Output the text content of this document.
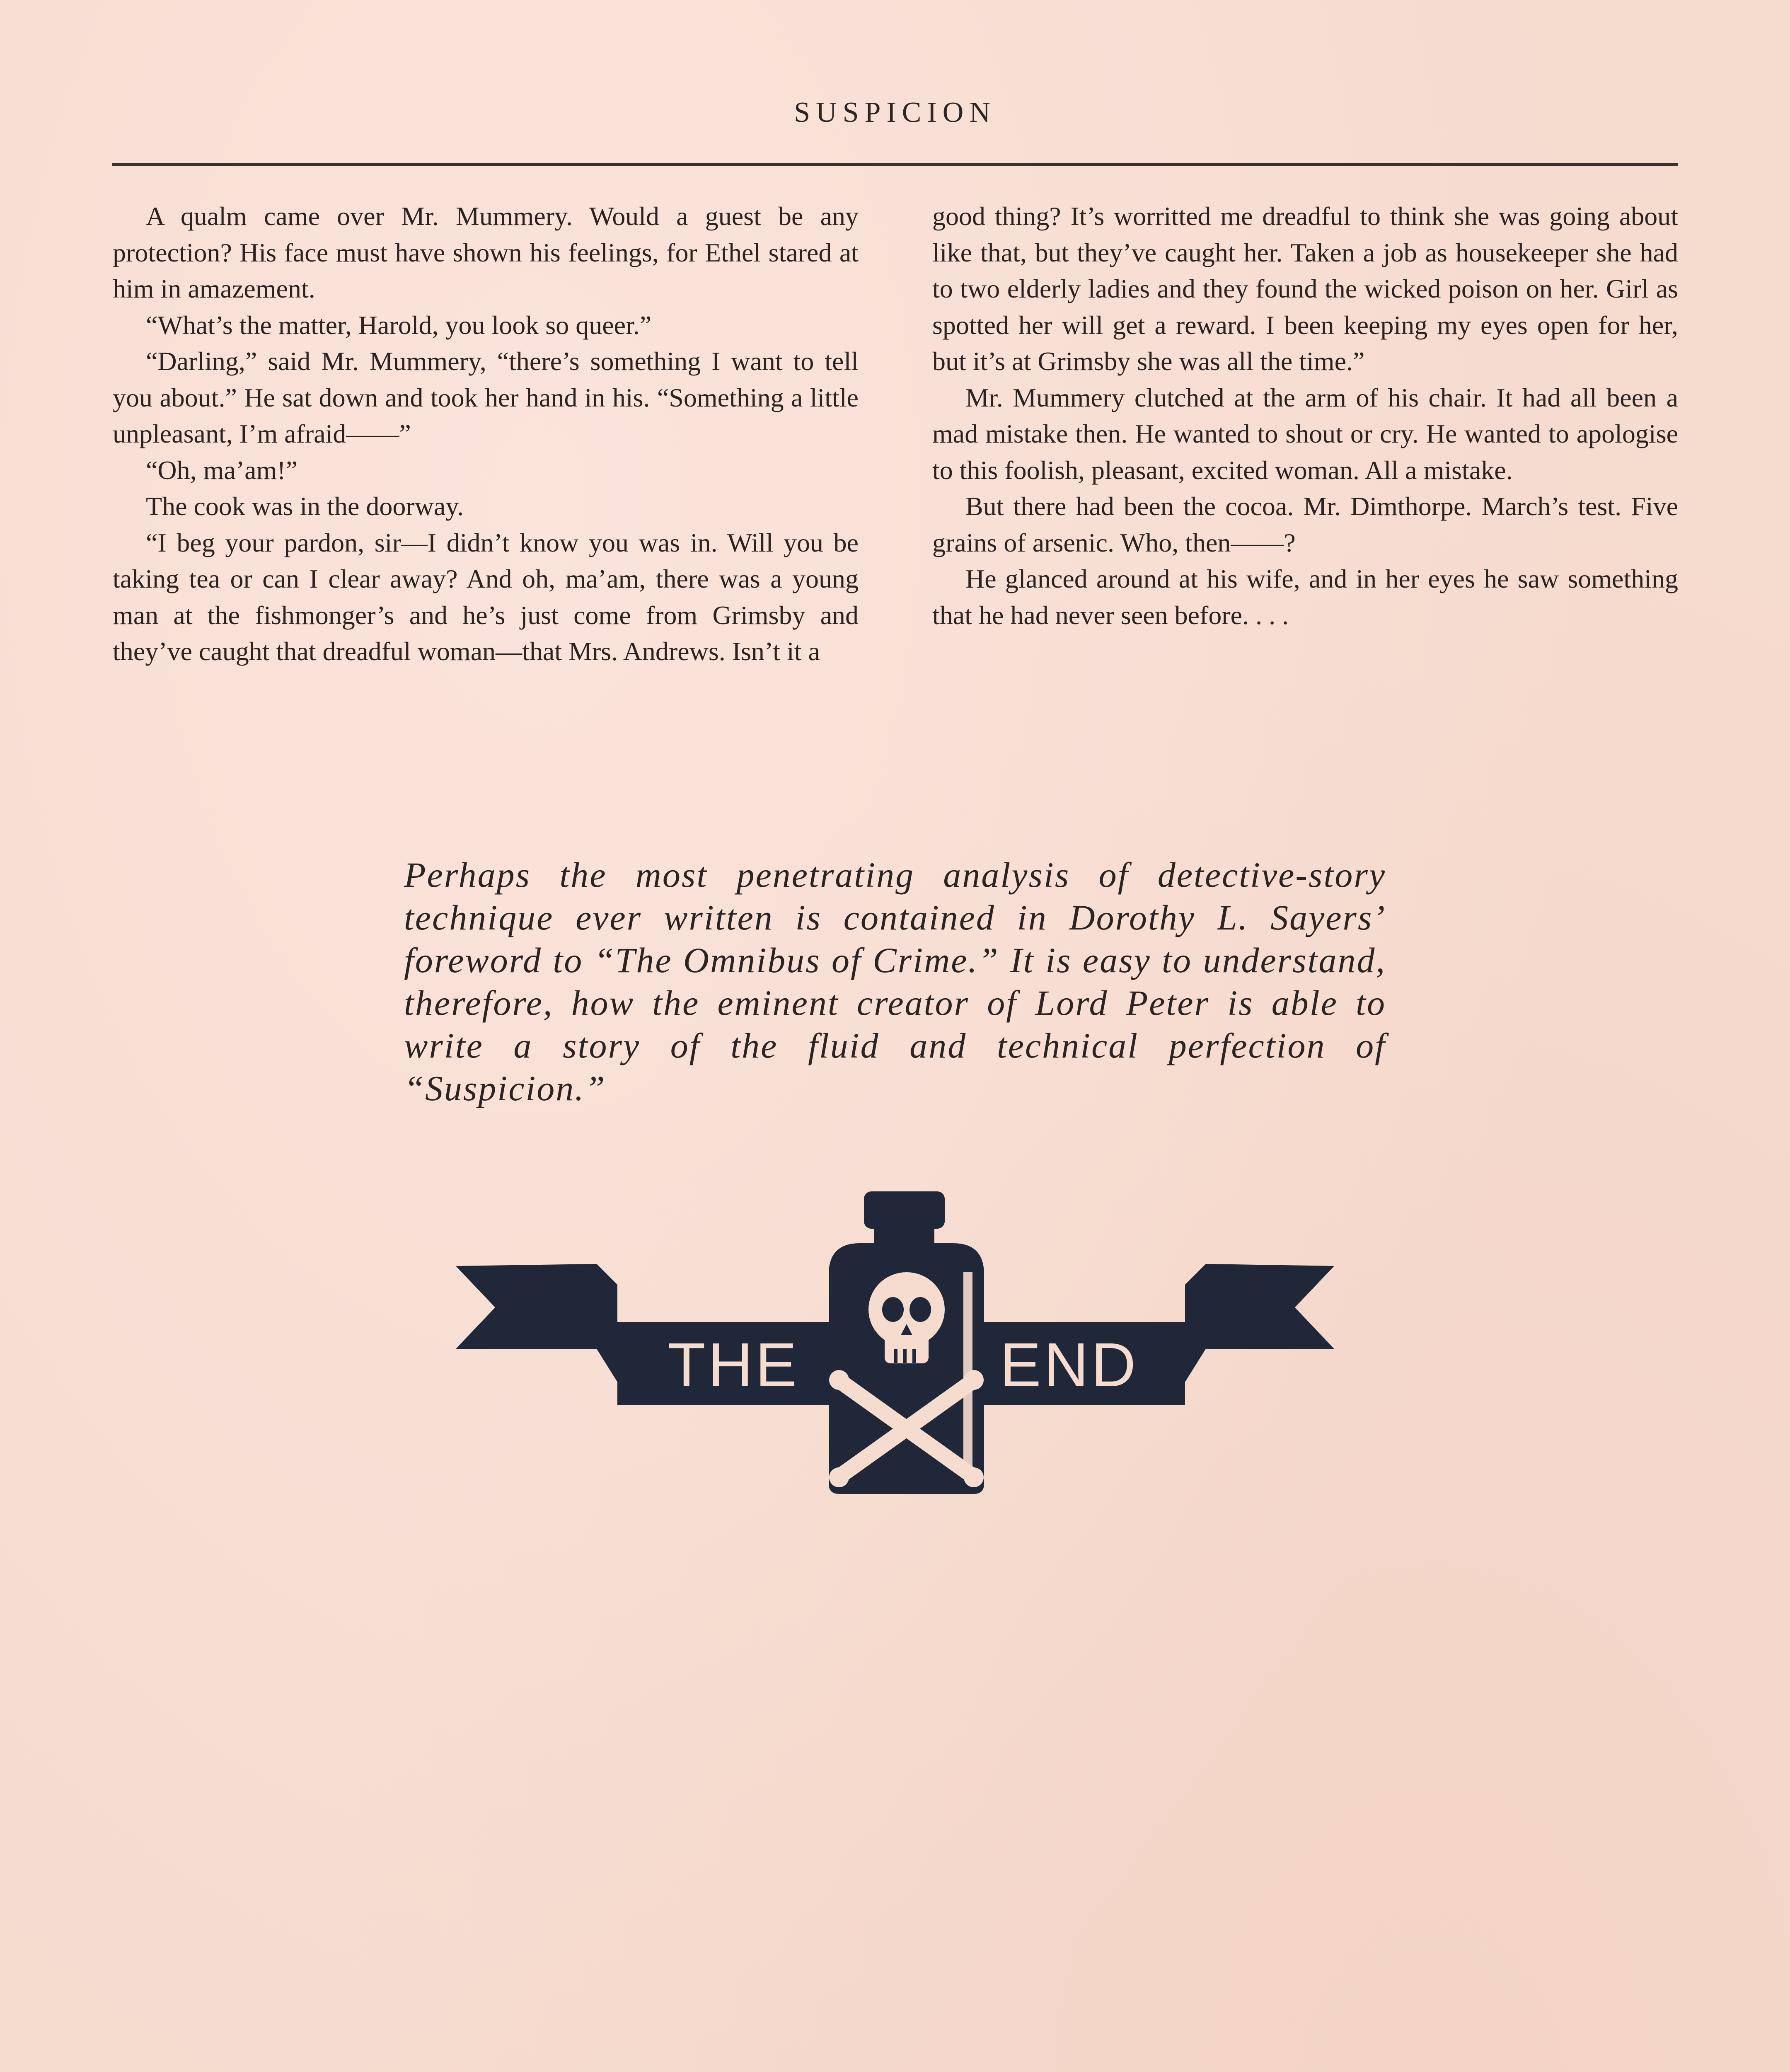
SUSPICION

A qualm came over Mr. Mummery. Would a guest be any protection? His face must have shown his feelings, for Ethel stared at him in amazement.

“What’s the matter, Harold, you look so queer.”

“Darling,” said Mr. Mummery, “there’s something I want to tell you about.” He sat down and took her hand in his. “Something a little unpleasant, I’m afraid——”

“Oh, ma’am!”

The cook was in the doorway.

“I beg your pardon, sir—I didn’t know you was in. Will you be taking tea or can I clear away? And oh, ma’am, there was a young man at the fishmonger’s and he’s just come from Grimsby and they’ve caught that dreadful woman—that Mrs. Andrews. Isn’t it a

good thing? It’s worritted me dreadful to think she was going about like that, but they’ve caught her. Taken a job as housekeeper she had to two elderly ladies and they found the wicked poison on her. Girl as spotted her will get a reward. I been keeping my eyes open for her, but it’s at Grimsby she was all the time.”

Mr. Mummery clutched at the arm of his chair. It had all been a mad mistake then. He wanted to shout or cry. He wanted to apologise to this foolish, pleasant, excited woman. All a mistake.

But there had been the cocoa. Mr. Dimthorpe. March’s test. Five grains of arsenic. Who, then——?

He glanced around at his wife, and in her eyes he saw something that he had never seen before. . . .

Perhaps the most penetrating analysis of detective-story technique ever written is contained in Dorothy L. Sayers’ foreword to “The Omnibus of Crime.” It is easy to understand, therefore, how the eminent creator of Lord Peter is able to write a story of the fluid and technical perfection of “Suspicion.”
THE	END
